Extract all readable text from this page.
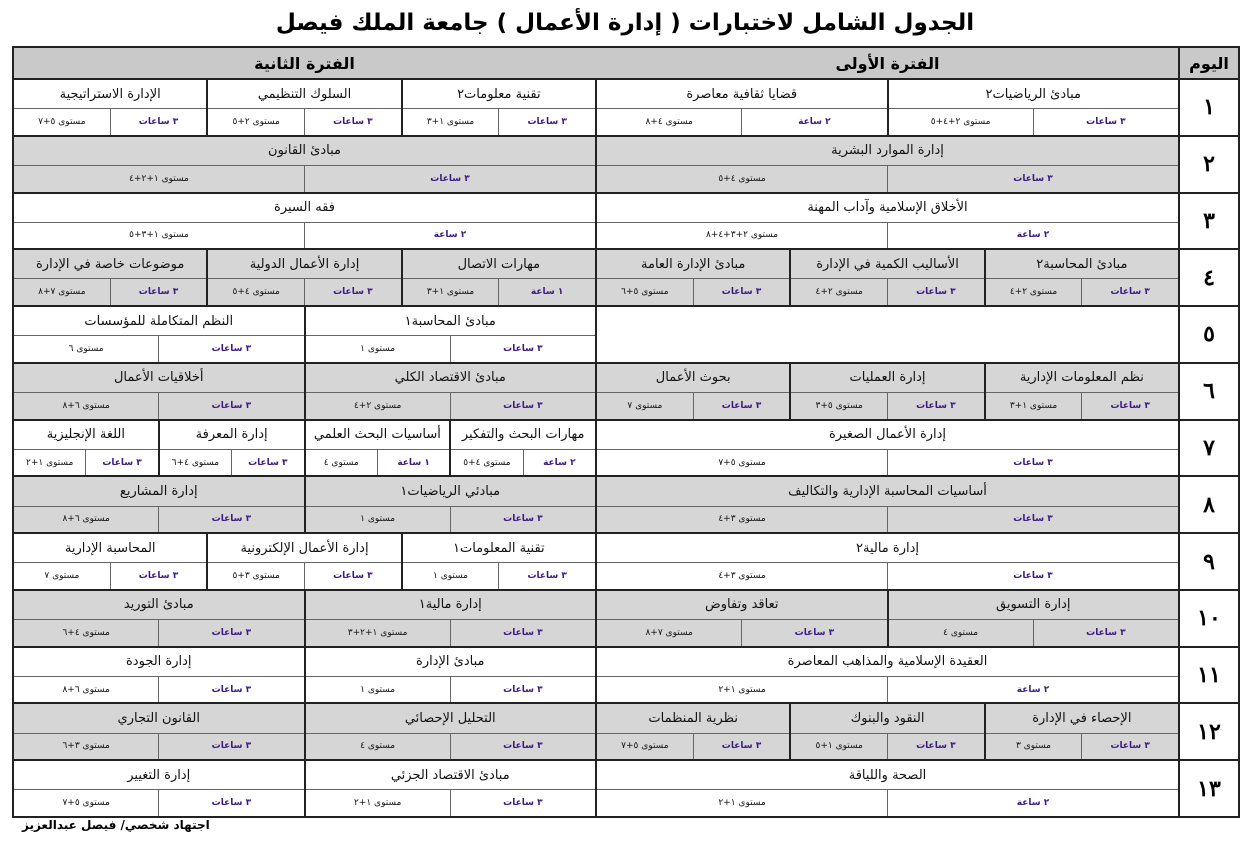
الجدول الشامل لاختبارات ( إدارة الأعمال ) جامعة الملك فيصل
اليوم
١
٢
٣
٤
٥
٦
٧
٨
٩
١٠
١١
١٢
١٣
الفترة الأولى
الفترة الثانية
مبادئ الرياضيات٢
٣ ساعات
مستوى ٢+٤+٥
قضايا ثقافية معاصرة
٢ ساعة
مستوى ٤+٨
تقنية معلومات٢
٣ ساعات
مستوى ١+٣
السلوك التنظيمي
٣ ساعات
مستوى ٢+٥
الإدارة الاستراتيجية
٣ ساعات
مستوى ٥+٧
إدارة الموارد البشرية
٣ ساعات
مستوى ٤+٥
مبادئ القانون
٣ ساعات
مستوى ١+٢+٤
الأخلاق الإسلامية وآداب المهنة
٢ ساعة
مستوى ٢+٣+٤+٨
فقه السيرة
٢ ساعة
مستوى ١+٣+٥
مبادئ المحاسبة٢
٣ ساعات
مستوى ٢+٤
الأساليب الكمية في الإدارة
٣ ساعات
مستوى ٢+٤
مبادئ الإدارة العامة
٣ ساعات
مستوى ٥+٦
مهارات الاتصال
١ ساعة
مستوى ١+٣
إدارة الأعمال الدولية
٣ ساعات
مستوى ٤+٥
موضوعات خاصة في الإدارة
٣ ساعات
مستوى ٧+٨
مبادئ المحاسبة١
٣ ساعات
مستوى ١
النظم المتكاملة للمؤسسات
٣ ساعات
مستوى ٦
نظم المعلومات الإدارية
٣ ساعات
مستوى ١+٣
إدارة العمليات
٣ ساعات
مستوى ٥+٣
بحوث الأعمال
٣ ساعات
مستوى ٧
مبادئ الاقتصاد الكلي
٣ ساعات
مستوى ٢+٤
أخلاقيات الأعمال
٣ ساعات
مستوى ٦+٨
إدارة الأعمال الصغيرة
٣ ساعات
مستوى ٥+٧
مهارات البحث والتفكير
٢ ساعة
مستوى ٤+٥
أساسيات البحث العلمي
١ ساعة
مستوى ٤
إدارة المعرفة
٣ ساعات
مستوى ٤+٦
اللغة الإنجليزية
٣ ساعات
مستوى ١+٢
أساسيات المحاسبة الإدارية والتكاليف
٣ ساعات
مستوى ٣+٤
مبادئي الرياضيات١
٣ ساعات
مستوى ١
إدارة المشاريع
٣ ساعات
مستوى ٦+٨
إدارة مالية٢
٣ ساعات
مستوى ٣+٤
تقنية المعلومات١
٣ ساعات
مستوى ١
إدارة الأعمال الإلكترونية
٣ ساعات
مستوى ٣+٥
المحاسبة الإدارية
٣ ساعات
مستوى ٧
إدارة التسويق
٣ ساعات
مستوى ٤
تعاقد وتفاوض
٣ ساعات
مستوى ٧+٨
إدارة مالية١
٣ ساعات
مستوى ١+٢+٣
مبادئ التوريد
٣ ساعات
مستوى ٤+٦
العقيدة الإسلامية والمذاهب المعاصرة
٢ ساعة
مستوى ١+٢
مبادئ الإدارة
٣ ساعات
مستوى ١
إدارة الجودة
٣ ساعات
مستوى ٦+٨
الإحصاء في الإدارة
٣ ساعات
مستوى ٣
النقود والبنوك
٣ ساعات
مستوى ١+٥
نظرية المنظمات
٣ ساعات
مستوى ٥+٧
التحليل الإحصائي
٣ ساعات
مستوى ٤
القانون التجاري
٣ ساعات
مستوى ٣+٦
الصحة واللياقة
٢ ساعة
مستوى ١+٢
مبادئ الاقتصاد الجزئي
٣ ساعات
مستوى ١+٢
إدارة التغيير
٣ ساعات
مستوى ٥+٧
اجتهاد شخصي/ فيصل عبدالعزيز
